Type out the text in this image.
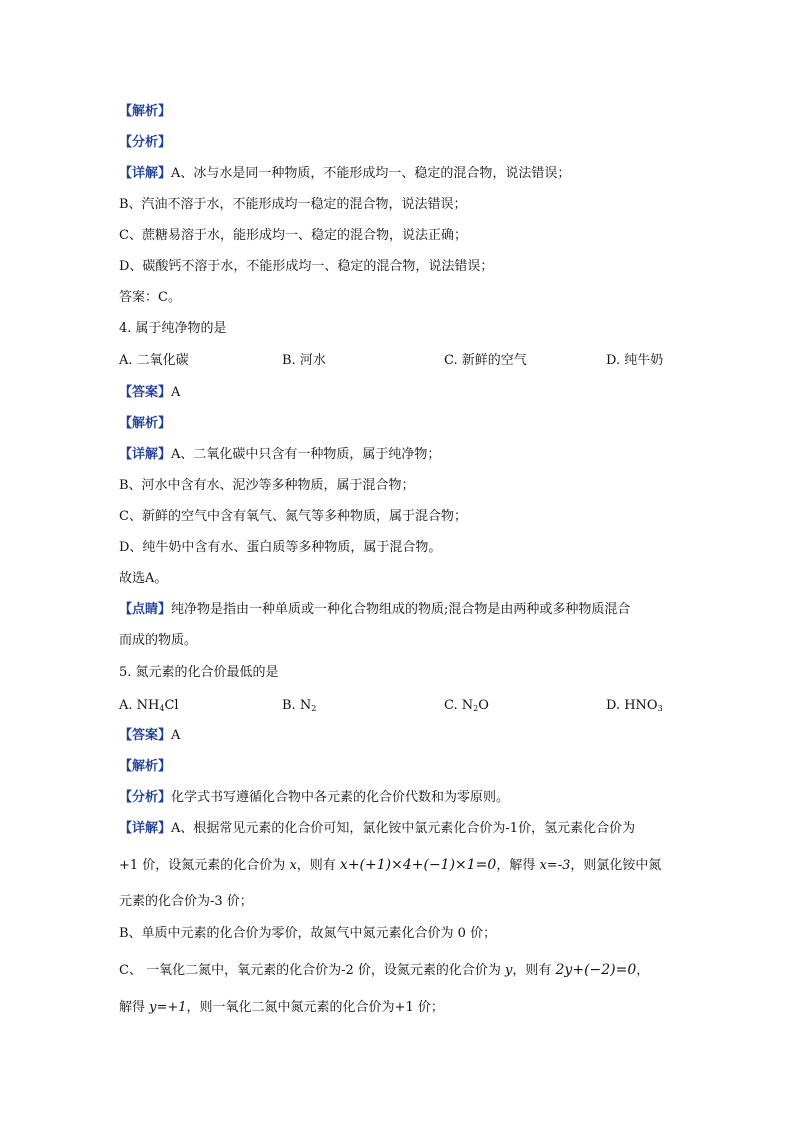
【解析】
【分析】
【详解】A、冰与水是同一种物质，不能形成均一、稳定的混合物，说法错误；
B、汽油不溶于水，不能形成均一稳定的混合物，说法错误；
C、蔗糖易溶于水，能形成均一、稳定的混合物，说法正确；
D、碳酸钙不溶于水，不能形成均一、稳定的混合物，说法错误；
答案：C。
4. 属于纯净物的是
A. 二氧化碳	B. 河水	C. 新鲜的空气	D. 纯牛奶
【答案】A
【解析】
【详解】A、二氧化碳中只含有一种物质，属于纯净物；
B、河水中含有水、泥沙等多种物质，属于混合物；
C、新鲜的空气中含有氧气、氮气等多种物质，属于混合物；
D、纯牛奶中含有水、蛋白质等多种物质，属于混合物。
故选A。
【点睛】纯净物是指由一种单质或一种化合物组成的物质;混合物是由两种或多种物质混合
而成的物质。
5. 氮元素的化合价最低的是
A. $NH_4Cl$	B. $N_2$	C. $N_2O$	D. $HNO_3$
【答案】A
【解析】
【分析】化学式书写遵循化合物中各元素的化合价代数和为零原则。
【详解】A、根据常见元素的化合价可知，氯化铵中氯元素化合价为-1价，氢元素化合价为
+1 价，设氮元素的化合价为 x，则有 x+(+1)×4+(−1)×1=0，解得 x=-3，则氯化铵中氮
元素的化合价为-3 价；
B、单质中元素的化合价为零价，故氮气中氮元素化合价为 0 价；
C、 一氧化二氮中，氧元素的化合价为-2 价，设氮元素的化合价为 y，则有 2y+(−2)=0，
解得 y=+1，则一氧化二氮中氮元素的化合价为+1 价；
